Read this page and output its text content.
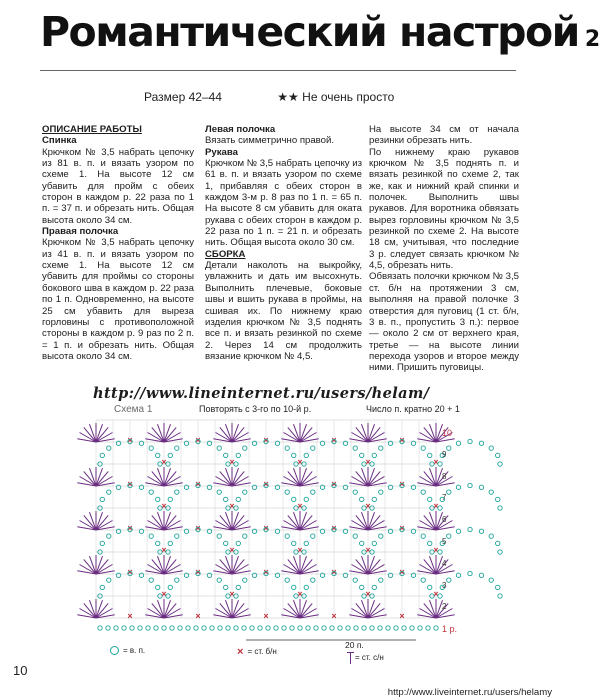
Романтический настрой 2
Размер 42–44	★★ Не очень просто

ОПИСАНИЕ РАБОТЫ

Спинка

Крючком № 3,5 набрать цепочку из 81 в. п. и вязать узором по схеме 1. На высоте 12 см убавить для пройм с обеих сторон в каждом р. 22 раза по 1 п. = 37 п. и обрезать нить. Общая высота около 34 см.

Правая полочка

Крючком № 3,5 набрать цепочку из 41 в. п. и вязать узором по схеме 1. На высоте 12 см убавить для проймы со стороны бокового шва в каждом р. 22 раза по 1 п. Одновременно, на высоте 25 см убавить для выреза горловины с противоположной стороны в каждом р. 9 раз по 2 п. = 1 п. и обрезать нить. Общая высота около 34 см.

Левая полочка

Вязать симметрично правой.

Рукава

Крючком № 3,5 набрать цепочку из 61 в. п. и вязать узором по схеме 1, прибавляя с обеих сторон в каждом 3-м р. 8 раз по 1 п. = 65 п. На высоте 8 см убавить для оката рукава с обеих сторон в каждом р. 22 раза по 1 п. = 21 п. и обрезать нить. Общая высота около 30 см.

СБОРКА

Детали наколоть на выкройку, увлажнить и дать им высохнуть. Выполнить плечевые, боковые швы и вшить рукава в проймы, на сшивая их. По нижнему краю изделия крючком № 3,5 поднять все п. и вязать резинкой по схеме 2. Через 14 см продолжить вязание крючком № 4,5.

На высоте 34 см от начала резинки обрезать нить.

По нижнему краю рукавов крючком № 3,5 поднять п. и вязать резинкой по схеме 2, так же, как и нижний край спинки и полочек. Выполнить швы рукавов. Для воротника обвязать вырез горловины крючком № 3,5 резинкой по схеме 2. На высоте 18 см, учитывая, что последние 3 р. следует связать крючком № 4,5, обрезать нить.

Обвязать полочки крючком № 3,5 ст. б/н на протяжении 3 см, выполняя на правой полочке 3 отверстия для пуговиц (1 ст. б/н, 3 в. п., пропустить 3 п.): первое — около 2 см от верхнего края, третье — на высоте линии перехода узоров и второе между ними. Пришить пуговицы.

http://www.lineinternet.ru/users/helam/
Схема 1	Повторять с 3-го по 10-й р.	Число п. кратно 20 + 1
×	×	×	×	×
×	×	×	×	×
×	×	×	×	×
×	×	×	×	×
×	×	×	×	×
×	×	×	×	×
×	×	×	×	×
×	×	×	×	×
×	×	×	×	×
10
9
8
7
6
5
4
3
2
1 р.
20 п.
= в. п.	× = ст. б/н
= ст. с/н
10
http://www.liveinternet.ru/users/helamy
